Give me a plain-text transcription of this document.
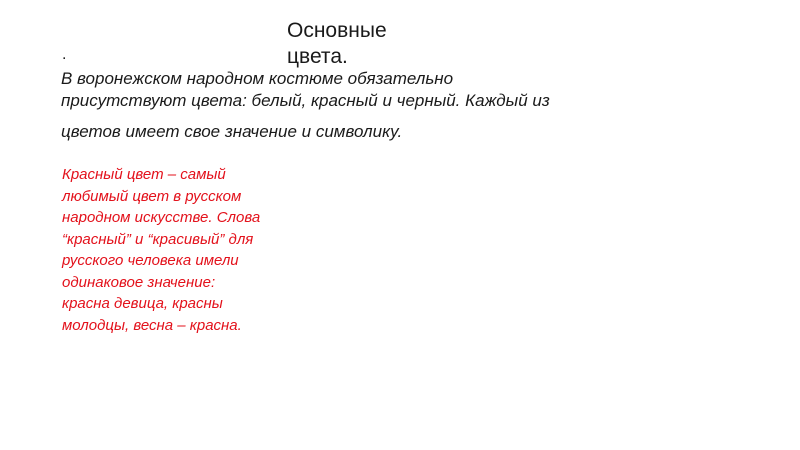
Основные цвета.
.
В воронежском народном костюме обязательно
присутствуют цвета: белый, красный и черный. Каждый из
цветов имеет свое значение и символику.
Красный цвет – самый
любимый цвет в русском
народном искусстве. Слова
“красный” и “красивый” для
русского человека имели
одинаковое значение:
красна девица, красны
молодцы, весна – красна.
